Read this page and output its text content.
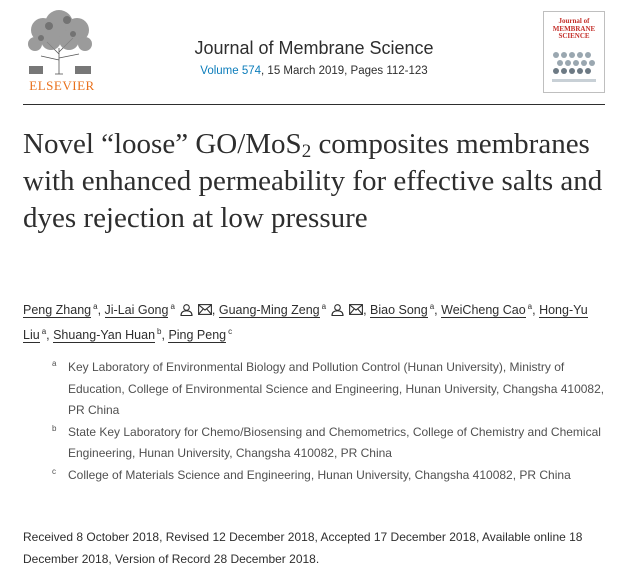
ELSEVIER
Journal of Membrane Science
Volume 574, 15 March 2019, Pages 112-123
Journal of MEMBRANE SCIENCE
Novel “loose” GO/MoS$_2$ composites membranes with enhanced permeability for effective salts and dyes rejection at low pressure
Peng Zhang $^a$, Ji-Lai Gong $^a$	, Guang-Ming Zeng $^a$	, Biao Song $^a$, WeiCheng Cao $^a$, Hong-Yu Liu $^a$, Shuang-Yan Huan $^b$, Ping Peng $^c$
a Key Laboratory of Environmental Biology and Pollution Control (Hunan University), Ministry of Education, College of Environmental Science and Engineering, Hunan University, Changsha 410082, PR China
b State Key Laboratory for Chemo/Biosensing and Chemometrics, College of Chemistry and Chemical Engineering, Hunan University, Changsha 410082, PR China
c College of Materials Science and Engineering, Hunan University, Changsha 410082, PR China
Received 8 October 2018, Revised 12 December 2018, Accepted 17 December 2018, Available online 18 December 2018, Version of Record 28 December 2018.
